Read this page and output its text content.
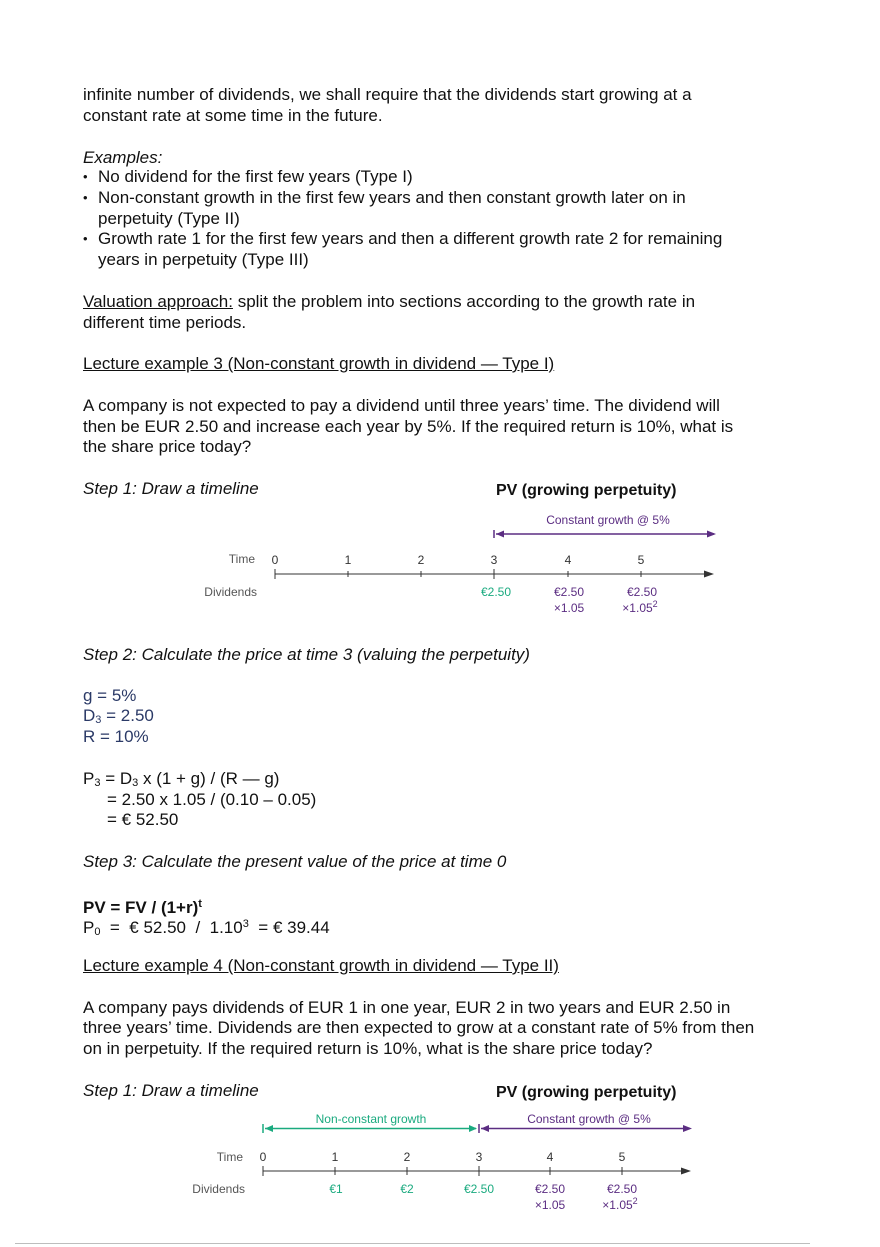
infinite number of dividends, we shall require that the dividends start growing at a

constant rate at some time in the future.

Examples:

• No dividend for the first few years (Type I)
• Non-constant growth in the first few years and then constant growth later on in
perpetuity (Type II)
• Growth rate 1 for the first few years and then a different growth rate 2 for remaining
years in perpetuity (Type III)

Valuation approach: split the problem into sections according to the growth rate in

different time periods.

Lecture example 3 (Non-constant growth in dividend — Type I)

A company is not expected to pay a dividend until three years’ time. The dividend will

then be EUR 2.50 and increase each year by 5%. If the required return is 10%, what is

the share price today?

Step 1: Draw a timeline	PV (growing perpetuity)

Constant growth @ 5%
Time
Dividends
0	1	2	3	4	5
€2.50	€2.50
×1.05
€2.50
$\times 1.05^2$

Step 2: Calculate the price at time 3 (valuing the perpetuity)

g = 5%

D3 = 2.50

R = 10%

P3 = D3 x (1 + g) / (R — g)

= 2.50 x 1.05 / (0.10 – 0.05)

= € 52.50

Step 3: Calculate the present value of the price at time 0

PV = FV / $(1+r)^t$

P0  =  € 52.50  /  1.10$^3$  = € 39.44

Lecture example 4 (Non-constant growth in dividend — Type II)

A company pays dividends of EUR 1 in one year, EUR 2 in two years and EUR 2.50 in

three years’ time. Dividends are then expected to grow at a constant rate of 5% from then

on in perpetuity. If the required return is 10%, what is the share price today?

Step 1: Draw a timeline	PV (growing perpetuity)

Non-constant growth	Constant growth @ 5%
Time
Dividends
0	1	2	3	4	5
€1	€2	€2.50	€2.50
×1.05
€2.50
$\times 1.05^2$
